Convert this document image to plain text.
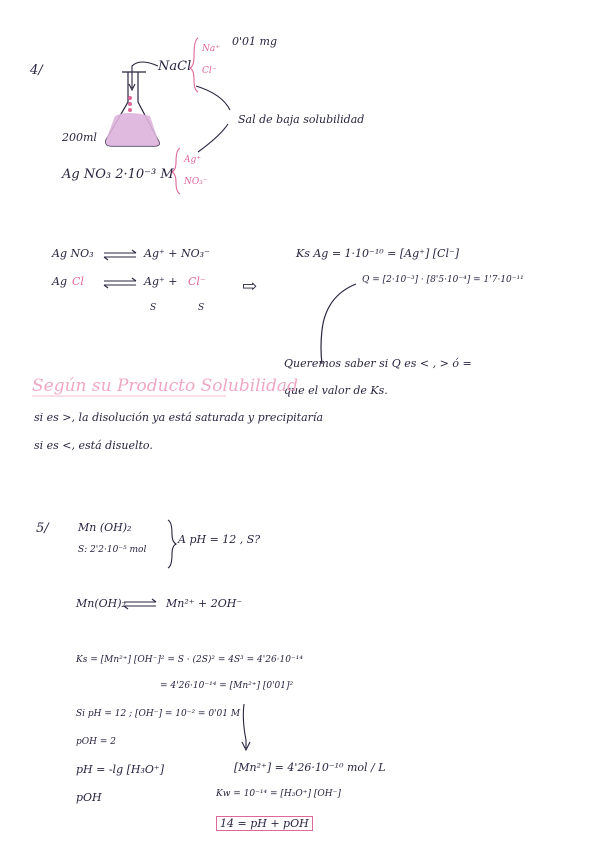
4/	NaCl
Na⁺
Cl⁻
0'01 mg
200ml
Sal de baja solubilidad
Ag NO₃ 2·10⁻³ M
Ag⁺
NO₃⁻
Ag NO₃	Ag⁺ + NO₃⁻
Ag Cl	Ag⁺ + Cl⁻
S	S
⇨
Ks Ag = 1·10⁻¹⁰ = [Ag⁺] [Cl⁻]
Q = [2·10⁻³] · [8'5·10⁻⁴] = 1'7·10⁻¹¹
Queremos saber si Q es < , > ó =
que el valor de Ks.
Según su Producto Solubilidad
si es >, la disolución ya está saturada y precipitaría
si es <, está disuelto.
5/	Mn (OH)₂
S: 2'2·10⁻⁵ mol
A pH = 12 , S?
Mn(OH)₂	Mn²⁺ + 2OH⁻
Ks = [Mn²⁺] [OH⁻]² = S · (2S)² = 4S³ = 4'26·10⁻¹⁴
= 4'26·10⁻¹⁴ = [Mn²⁺] [0'01]²
Si pH = 12 ; [OH⁻] = 10⁻² = 0'01 M
pOH = 2
[Mn²⁺] = 4'26·10⁻¹⁰ mol / L
pH = -lg [H₃O⁺]
pOH	Kw = 10⁻¹⁴ = [H₃O⁺] [OH⁻]
14 = pH + pOH
